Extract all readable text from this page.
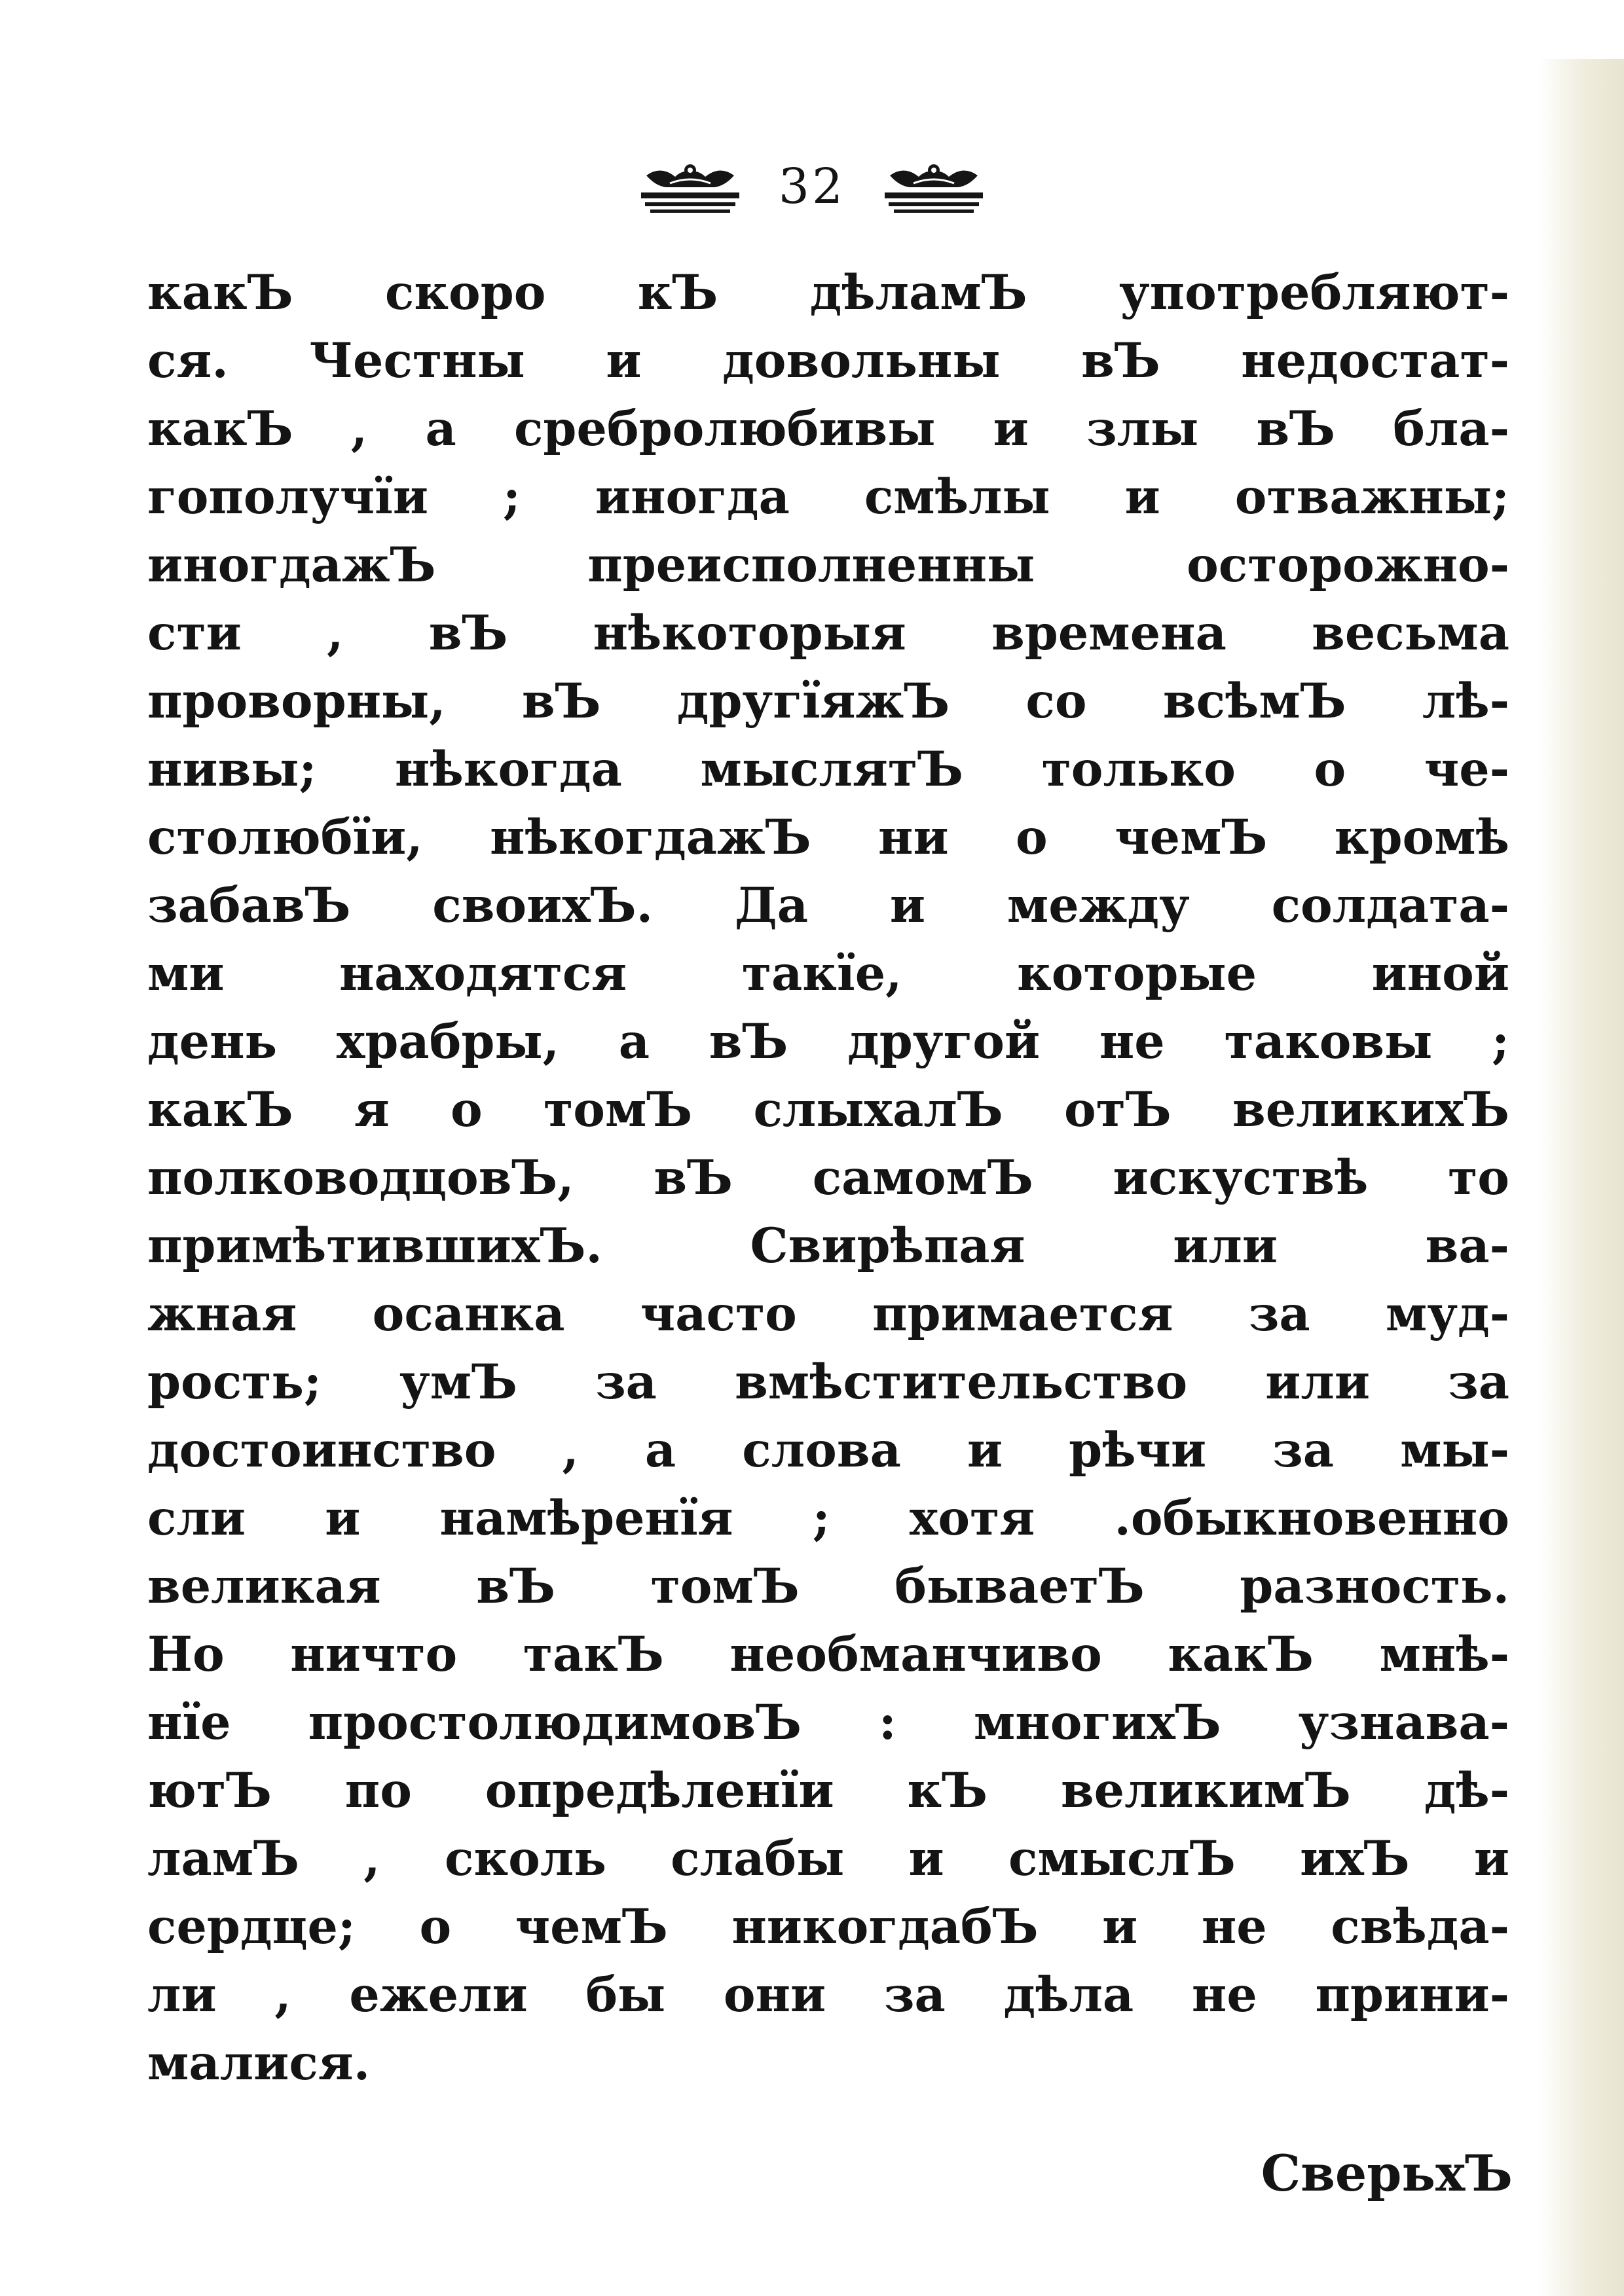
32
какЪ скоро кЪ дѣламЪ употребляют-
ся. Честны и довольны вЪ недостат-
какЪ , а сребролюбивы и злы вЪ бла-
гополучїи ; иногда смѣлы и отважны;
иногдажЪ преисполненны осторожно-
сти , вЪ нѣкоторыя времена весьма
проворны, вЪ другїяжЪ со всѣмЪ лѣ-
нивы; нѣкогда мыслятЪ только о че-
столюбїи, нѣкогдажЪ ни о чемЪ кромѣ
забавЪ своихЪ. Да и между солдата-
ми находятся такїе, которые иной
день храбры, а вЪ другой не таковы ;
какЪ я о томЪ слыхалЪ отЪ великихЪ
полководцовЪ, вЪ самомЪ искуствѣ то
примѣтившихЪ. Свирѣпая или ва-
жная осанка часто примается за муд-
рость; умЪ за вмѣстительство или за
достоинство , а слова и рѣчи за мы-
сли и намѣренїя ; хотя .обыкновенно
великая вЪ томЪ бываетЪ разность.
Но ничто такЪ необманчиво какЪ мнѣ-
нїе простолюдимовЪ : многихЪ узнава-
ютЪ по опредѣленїи кЪ великимЪ дѣ-
ламЪ , сколь слабы и смыслЪ ихЪ и
сердце; о чемЪ никогдабЪ и не свѣда-
ли , ежели бы они за дѣла не прини-
малися.
СверьхЪ
